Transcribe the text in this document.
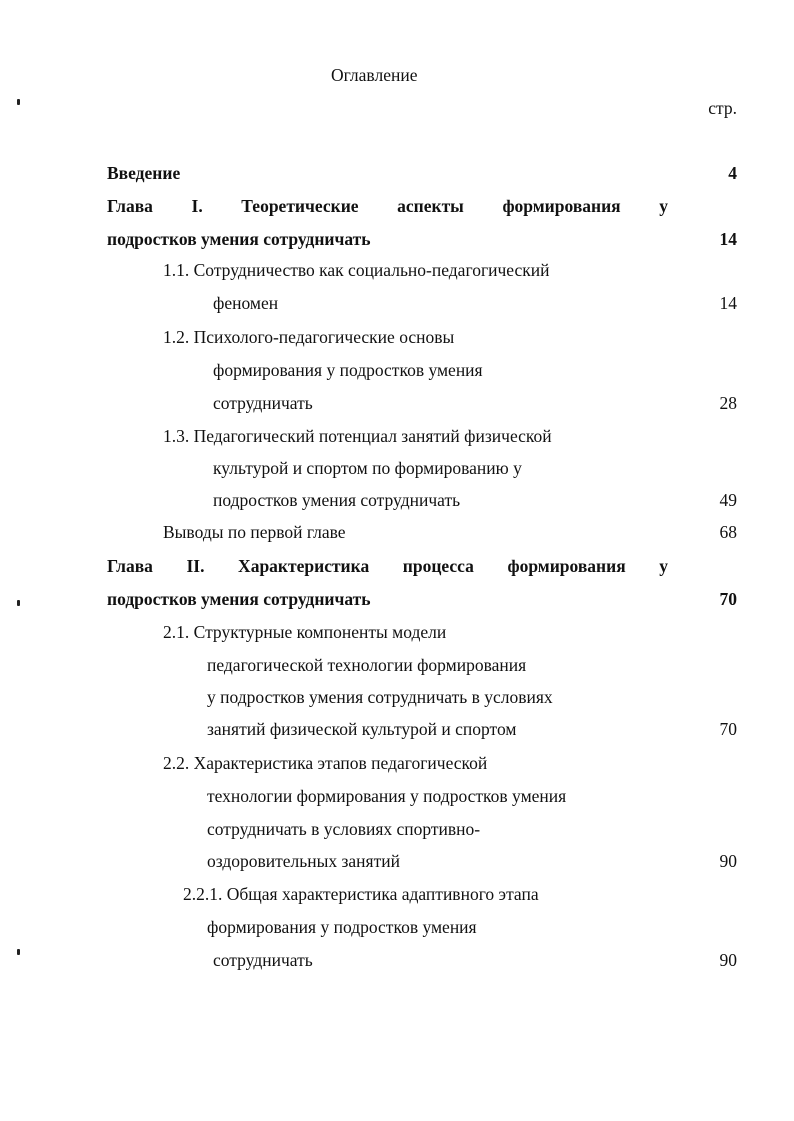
Оглавление
стр.
Введение	4
Глава I. Теоретические аспекты формирования у
подростков умения сотрудничать	14
1.1. Сотрудничество как социально-педагогический
феномен	14
1.2. Психолого-педагогические основы
формирования у подростков умения
сотрудничать	28
1.3. Педагогический потенциал занятий физической
культурой и спортом по формированию у
подростков умения сотрудничать	49
Выводы по первой главе	68
Глава II. Характеристика процесса формирования у
подростков умения сотрудничать	70
2.1. Структурные компоненты модели
педагогической технологии формирования
у подростков умения сотрудничать в условиях
занятий физической культурой и спортом	70
2.2. Характеристика этапов педагогической
технологии формирования у подростков умения
сотрудничать в условиях спортивно-
оздоровительных занятий	90
2.2.1. Общая характеристика адаптивного этапа
формирования у подростков умения
сотрудничать	90
